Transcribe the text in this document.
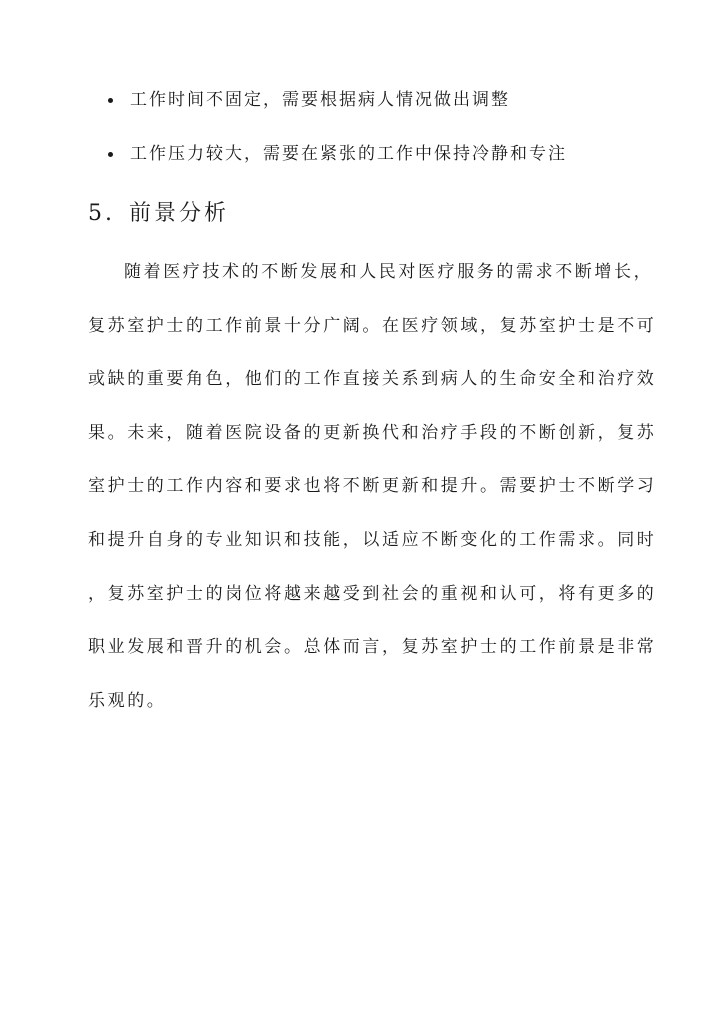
工作时间不固定，需要根据病人情况做出调整
工作压力较大，需要在紧张的工作中保持冷静和专注
5. 前景分析
随着医疗技术的不断发展和人民对医疗服务的需求不断增长，
复苏室护士的工作前景十分广阔。在医疗领域，复苏室护士是不可
或缺的重要角色，他们的工作直接关系到病人的生命安全和治疗效
果。未来，随着医院设备的更新换代和治疗手段的不断创新，复苏
室护士的工作内容和要求也将不断更新和提升。需要护士不断学习
和提升自身的专业知识和技能，以适应不断变化的工作需求。同时
，复苏室护士的岗位将越来越受到社会的重视和认可，将有更多的
职业发展和晋升的机会。总体而言，复苏室护士的工作前景是非常
乐观的。
